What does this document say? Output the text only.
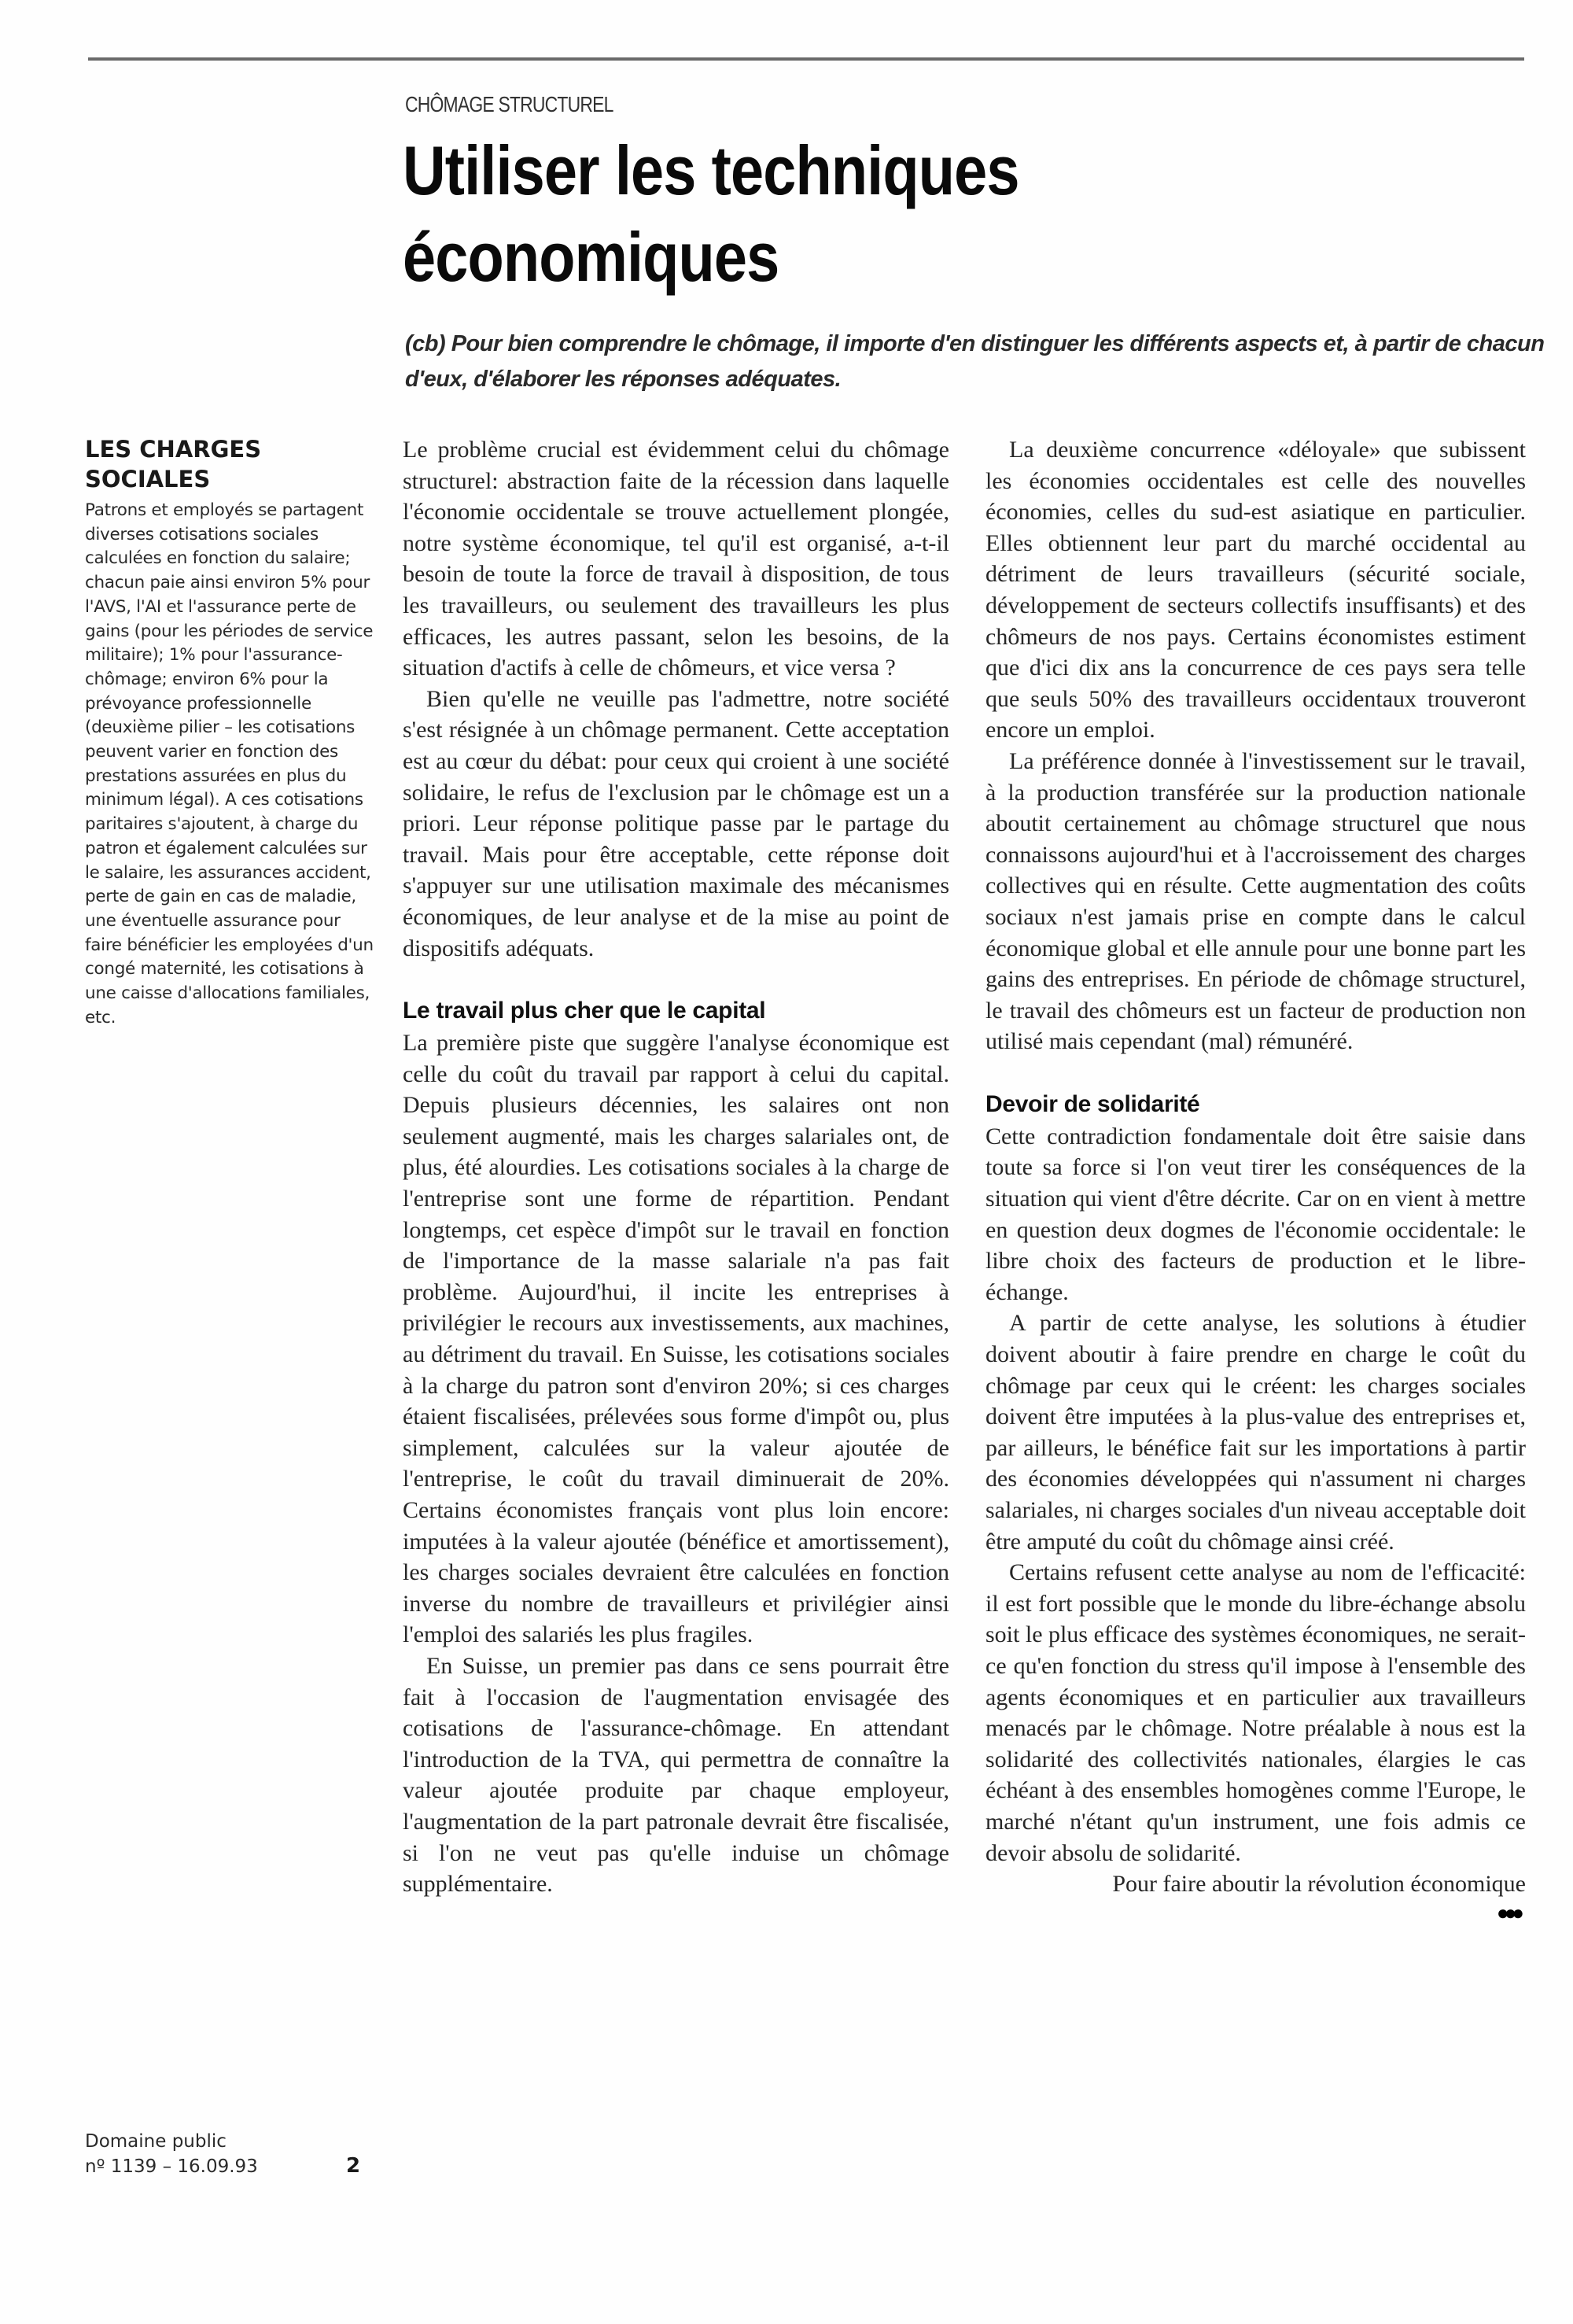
CHÔMAGE STRUCTUREL
Utiliser les techniques économiques

(cb) Pour bien comprendre le chômage, il importe d'en distinguer les différents aspects et, à partir de chacun d'eux, d'élaborer les réponses adéquates.

LES CHARGES SOCIALES

Patrons et employés se partagent diverses cotisations sociales calculées en fonction du salaire; chacun paie ainsi environ 5% pour l'AVS, l'AI et l'assurance perte de gains (pour les périodes de service militaire); 1% pour l'assurance-chômage; environ 6% pour la prévoyance professionnelle (deuxième pilier – les cotisations peuvent varier en fonction des prestations assurées en plus du minimum légal). A ces cotisations paritaires s'ajoutent, à charge du patron et également calculées sur le salaire, les assurances accident, perte de gain en cas de maladie, une éventuelle assurance pour faire bénéficier les employées d'un congé maternité, les cotisations à une caisse d'allocations familiales, etc.

Domaine public
nº 1139 – 16.09.93	2

Le problème crucial est évidemment celui du chômage structurel: abstraction faite de la récession dans laquelle l'économie occidentale se trouve actuellement plongée, notre système économique, tel qu'il est organisé, a-t-il besoin de toute la force de travail à disposition, de tous les travailleurs, ou seulement des travailleurs les plus efficaces, les autres passant, selon les besoins, de la situation d'actifs à celle de chômeurs, et vice versa ?

Bien qu'elle ne veuille pas l'admettre, notre société s'est résignée à un chômage permanent. Cette acceptation est au cœur du débat: pour ceux qui croient à une société solidaire, le refus de l'exclusion par le chômage est un a priori. Leur réponse politique passe par le partage du travail. Mais pour être acceptable, cette réponse doit s'appuyer sur une utilisation maximale des mécanismes économiques, de leur analyse et de la mise au point de dispositifs adéquats.

Le travail plus cher que le capital

La première piste que suggère l'analyse économique est celle du coût du travail par rapport à celui du capital. Depuis plusieurs décennies, les salaires ont non seulement augmenté, mais les charges salariales ont, de plus, été alourdies. Les cotisations sociales à la charge de l'entreprise sont une forme de répartition. Pendant longtemps, cet espèce d'impôt sur le travail en fonction de l'importance de la masse salariale n'a pas fait problème. Aujourd'hui, il incite les entreprises à privilégier le recours aux investissements, aux machines, au détriment du travail. En Suisse, les cotisations sociales à la charge du patron sont d'environ 20%; si ces charges étaient fiscalisées, prélevées sous forme d'impôt ou, plus simplement, calculées sur la valeur ajoutée de l'entreprise, le coût du travail diminuerait de 20%. Certains économistes français vont plus loin encore: imputées à la valeur ajoutée (bénéfice et amortissement), les charges sociales devraient être calculées en fonction inverse du nombre de travailleurs et privilégier ainsi l'emploi des salariés les plus fragiles.

En Suisse, un premier pas dans ce sens pourrait être fait à l'occasion de l'augmentation envisagée des cotisations de l'assurance-chômage. En attendant l'introduction de la TVA, qui permettra de connaître la valeur ajoutée produite par chaque employeur, l'augmentation de la part patronale devrait être fiscalisée, si l'on ne veut pas qu'elle induise un chômage supplémentaire.

La deuxième concurrence «déloyale» que subissent les économies occidentales est celle des nouvelles économies, celles du sud-est asiatique en particulier. Elles obtiennent leur part du marché occidental au détriment de leurs travailleurs (sécurité sociale, développement de secteurs collectifs insuffisants) et des chômeurs de nos pays. Certains économistes estiment que d'ici dix ans la concurrence de ces pays sera telle que seuls 50% des travailleurs occidentaux trouveront encore un emploi.

La préférence donnée à l'investissement sur le travail, à la production transférée sur la production nationale aboutit certainement au chômage structurel que nous connaissons aujourd'hui et à l'accroissement des charges collectives qui en résulte. Cette augmentation des coûts sociaux n'est jamais prise en compte dans le calcul économique global et elle annule pour une bonne part les gains des entreprises. En période de chômage structurel, le travail des chômeurs est un facteur de production non utilisé mais cependant (mal) rémunéré.

Devoir de solidarité

Cette contradiction fondamentale doit être saisie dans toute sa force si l'on veut tirer les conséquences de la situation qui vient d'être décrite. Car on en vient à mettre en question deux dogmes de l'économie occidentale: le libre choix des facteurs de production et le libre-échange.

A partir de cette analyse, les solutions à étudier doivent aboutir à faire prendre en charge le coût du chômage par ceux qui le créent: les charges sociales doivent être imputées à la plus-value des entreprises et, par ailleurs, le bénéfice fait sur les importations à partir des économies développées qui n'assument ni charges salariales, ni charges sociales d'un niveau acceptable doit être amputé du coût du chômage ainsi créé.

Certains refusent cette analyse au nom de l'efficacité: il est fort possible que le monde du libre-échange absolu soit le plus efficace des systèmes économiques, ne serait-ce qu'en fonction du stress qu'il impose à l'ensemble des agents économiques et en particulier aux travailleurs menacés par le chômage. Notre préalable à nous est la solidarité des collectivités nationales, élargies le cas échéant à des ensembles homogènes comme l'Europe, le marché n'étant qu'un instrument, une fois admis ce devoir absolu de solidarité.

Pour faire aboutir la révolution économique

●●●
